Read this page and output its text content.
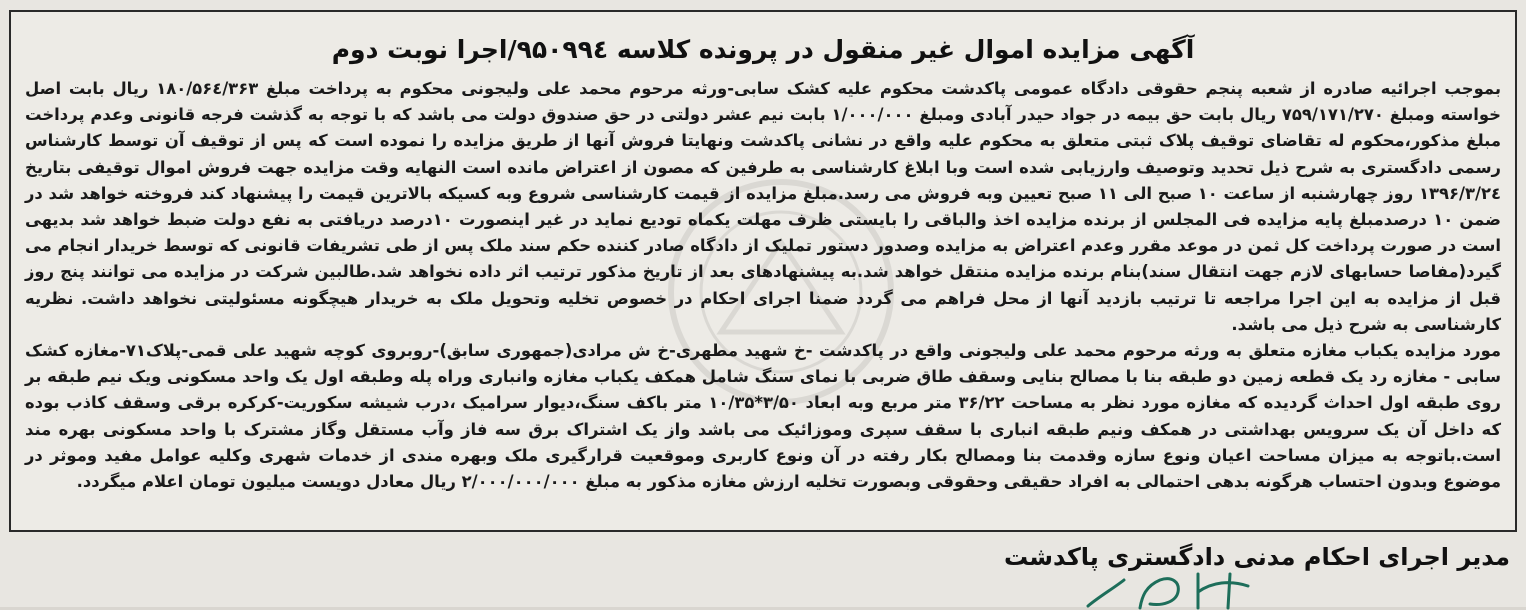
آگهی مزایده اموال غیر منقول در پرونده کلاسه ۹۵۰۹۹٤/اجرا نوبت دوم

بموجب اجرائیه صادره از شعبه پنجم حقوقی دادگاه عمومی پاکدشت محکوم علیه کشک سابی-ورثه مرحوم محمد علی ولیجونی محکوم به پرداخت مبلغ ۱۸۰/۵۶٤/۳۶۳ ریال بابت اصل خواسته ومبلغ ۷۵۹/۱۷۱/۲۷۰ ریال بابت حق بیمه در جواد حیدر آبادی ومبلغ ۱/۰۰۰/۰۰۰ بابت نیم عشر دولتی در حق صندوق دولت می باشد که با توجه به گذشت فرجه قانونی وعدم پرداخت مبلغ مذکور،محکوم له تقاضای توقیف پلاک ثبتی متعلق به محکوم علیه واقع در نشانی پاکدشت ونهایتا فروش آنها از طریق مزایده را نموده است که پس از توقیف آن توسط کارشناس رسمی دادگستری به شرح ذیل تحدید وتوصیف وارزیابی شده است وبا ابلاغ کارشناسی به طرفین که مصون از اعتراض مانده است النهایه وقت مزایده جهت فروش اموال توقیفی بتاریخ ۱۳۹۶/۳/۲٤ روز چهارشنبه از ساعت ۱۰ صبح الی ۱۱ صبح تعیین وبه فروش می رسد.مبلغ مزایده از قیمت کارشناسی شروع وبه کسیکه بالاترین قیمت را پیشنهاد کند فروخته خواهد شد در ضمن ۱۰ درصدمبلغ پایه مزایده فی المجلس از برنده مزایده اخذ والباقی را بایستی ظرف مهلت یکماه تودیع نماید در غیر اینصورت ۱۰درصد دریافتی به نفع دولت ضبط خواهد شد بدیهی است در صورت پرداخت کل ثمن در موعد مقرر وعدم اعتراض به مزایده وصدور دستور تملیک از دادگاه صادر کننده حکم سند ملک پس از طی تشریفات قانونی که توسط خریدار انجام می گیرد(مفاصا حسابهای لازم جهت انتقال سند)بنام برنده مزایده منتقل خواهد شد.به پیشنهادهای بعد از تاریخ مذکور ترتیب اثر داده نخواهد شد.طالبین شرکت در مزایده می توانند پنج روز قبل از مزایده به این اجرا مراجعه تا ترتیب بازدید آنها از محل فراهم می گردد ضمنا اجرای احکام در خصوص تخلیه وتحویل ملک به خریدار هیچگونه مسئولیتی نخواهد داشت. نظریه کارشناسی به شرح ذیل می باشد.

مورد مزایده یکباب مغازه متعلق به ورثه مرحوم محمد علی ولیجونی واقع در پاکدشت -خ شهید مطهری-خ ش مرادی(جمهوری سابق)-روبروی کوچه شهید علی قمی-پلاک۷۱-مغازه کشک سابی - مغازه رد یک قطعه زمین دو طبقه بنا با مصالح بنایی وسقف طاق ضربی با نمای سنگ شامل همکف یکباب مغازه وانباری وراه پله وطبقه اول یک واحد مسکونی ویک نیم طبقه بر روی طبقه اول احداث گردیده که مغازه مورد نظر به مساحت ۳۶/۲۲ متر مربع وبه ابعاد ۳/۵۰*۱۰/۳۵ متر باکف سنگ،دیوار سرامیک ،درب شیشه سکوریت-کرکره برقی وسقف کاذب بوده که داخل آن یک سرویس بهداشتی در همکف ونیم طبقه انباری با سقف سپری وموزائیک می باشد واز یک اشتراک برق سه فاز وآب مستقل وگاز مشترک با واحد مسکونی بهره مند است.باتوجه به میزان مساحت اعیان ونوع سازه وقدمت بنا ومصالح بکار رفته در آن ونوع کاربری وموقعیت قرارگیری ملک وبهره مندی از خدمات شهری وکلیه عوامل مفید وموثر در موضوع وبدون احتساب هرگونه بدهی احتمالی به افراد حقیقی وحقوقی وبصورت تخلیه ارزش مغازه مذکور به مبلغ ۲/۰۰۰/۰۰۰/۰۰۰ ریال معادل دویست میلیون تومان اعلام میگردد.

مدیر اجرای احکام مدنی دادگستری پاکدشت
